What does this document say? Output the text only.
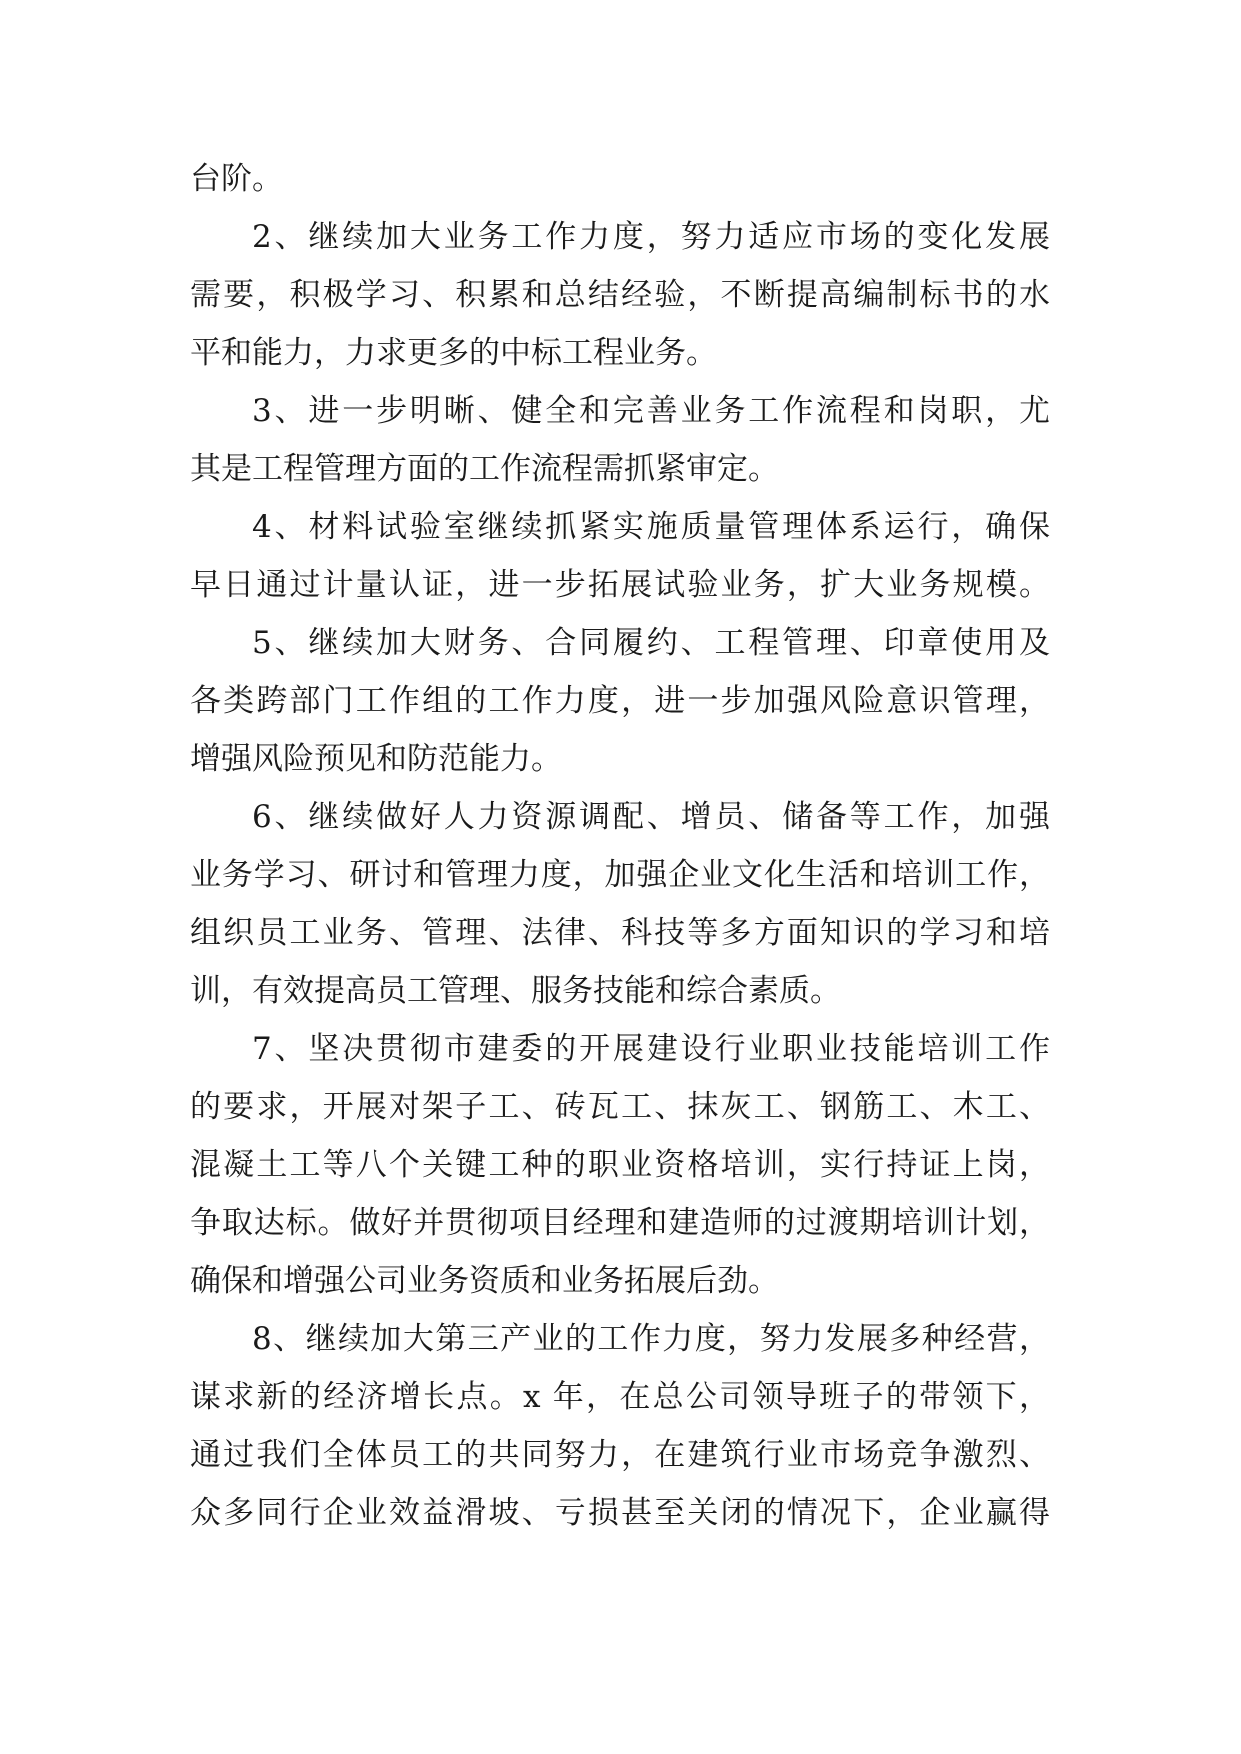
台阶。
2、继续加大业务工作力度，努力适应市场的变化发展
需要，积极学习、积累和总结经验，不断提高编制标书的水
平和能力，力求更多的中标工程业务。
3、进一步明晰、健全和完善业务工作流程和岗职，尤
其是工程管理方面的工作流程需抓紧审定。
4、材料试验室继续抓紧实施质量管理体系运行，确保
早日通过计量认证，进一步拓展试验业务，扩大业务规模。
5、继续加大财务、合同履约、工程管理、印章使用及
各类跨部门工作组的工作力度，进一步加强风险意识管理，
增强风险预见和防范能力。
6、继续做好人力资源调配、增员、储备等工作，加强
业务学习、研讨和管理力度，加强企业文化生活和培训工作，
组织员工业务、管理、法律、科技等多方面知识的学习和培
训，有效提高员工管理、服务技能和综合素质。
7、坚决贯彻市建委的开展建设行业职业技能培训工作
的要求，开展对架子工、砖瓦工、抹灰工、钢筋工、木工、
混凝土工等八个关键工种的职业资格培训，实行持证上岗，
争取达标。做好并贯彻项目经理和建造师的过渡期培训计划，
确保和增强公司业务资质和业务拓展后劲。
8、继续加大第三产业的工作力度，努力发展多种经营，
谋求新的经济增长点。x 年，在总公司领导班子的带领下，
通过我们全体员工的共同努力，在建筑行业市场竞争激烈、
众多同行企业效益滑坡、亏损甚至关闭的情况下，企业赢得
